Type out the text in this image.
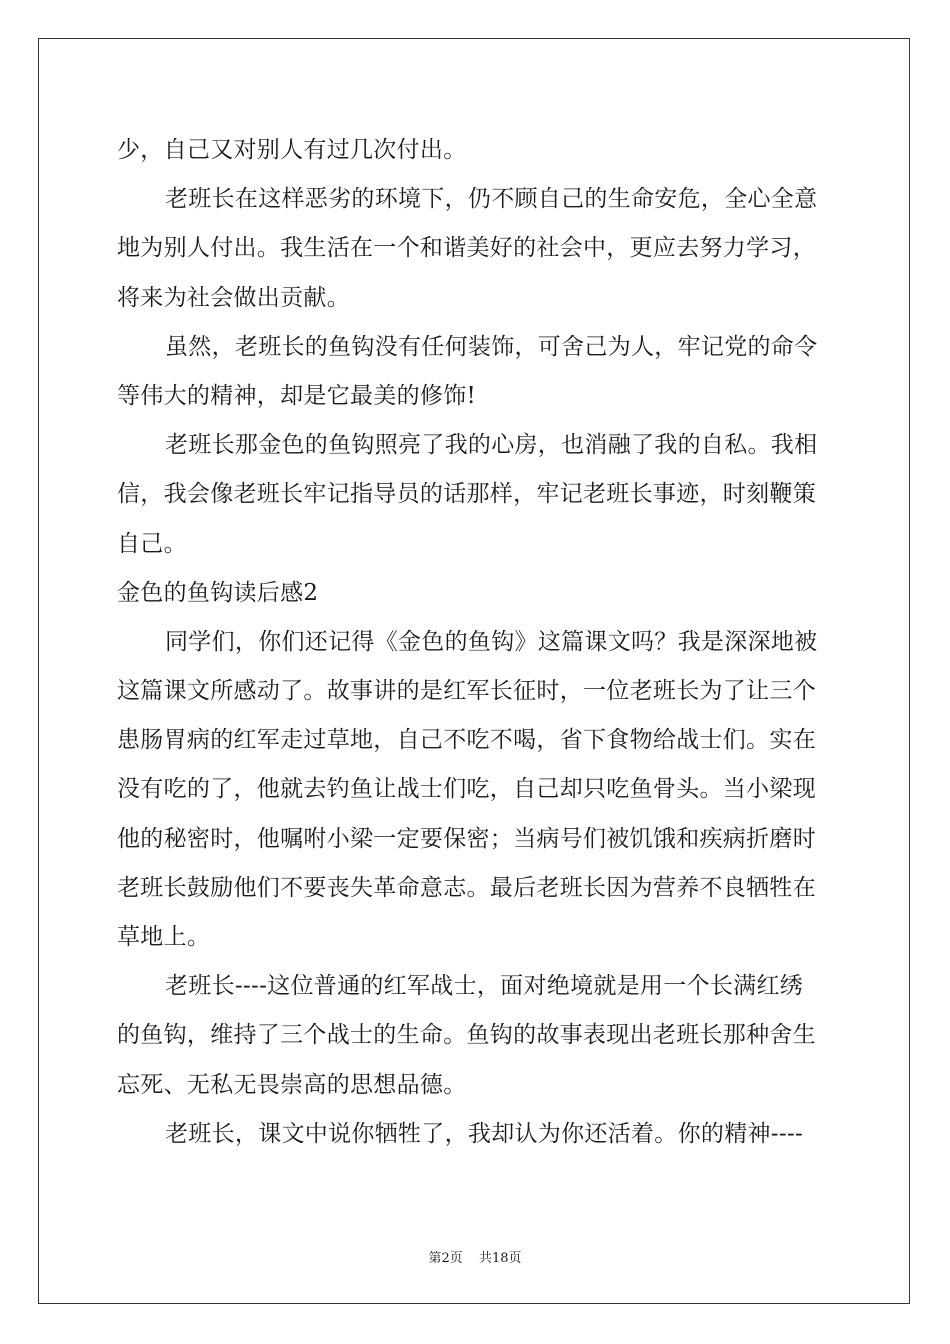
少，自己又对别人有过几次付出。
老班长在这样恶劣的环境下，仍不顾自己的生命安危，全心全意
地为别人付出。我生活在一个和谐美好的社会中，更应去努力学习，
将来为社会做出贡献。
虽然，老班长的鱼钩没有任何装饰，可舍己为人，牢记党的命令
等伟大的精神，却是它最美的修饰!
老班长那金色的鱼钩照亮了我的心房，也消融了我的自私。我相
信，我会像老班长牢记指导员的话那样，牢记老班长事迹，时刻鞭策
自己。
金色的鱼钩读后感2
同学们，你们还记得《金色的鱼钩》这篇课文吗？我是深深地被
这篇课文所感动了。故事讲的是红军长征时，一位老班长为了让三个
患肠胃病的红军走过草地，自己不吃不喝，省下食物给战士们。实在
没有吃的了，他就去钓鱼让战士们吃，自己却只吃鱼骨头。当小梁现
他的秘密时，他嘱咐小梁一定要保密；当病号们被饥饿和疾病折磨时
老班长鼓励他们不要丧失革命意志。最后老班长因为营养不良牺牲在
草地上。
老班长----这位普通的红军战士，面对绝境就是用一个长满红绣
的鱼钩，维持了三个战士的生命。鱼钩的故事表现出老班长那种舍生
忘死、无私无畏崇高的思想品德。
老班长，课文中说你牺牲了，我却认为你还活着。你的精神----
第2页 共18页
